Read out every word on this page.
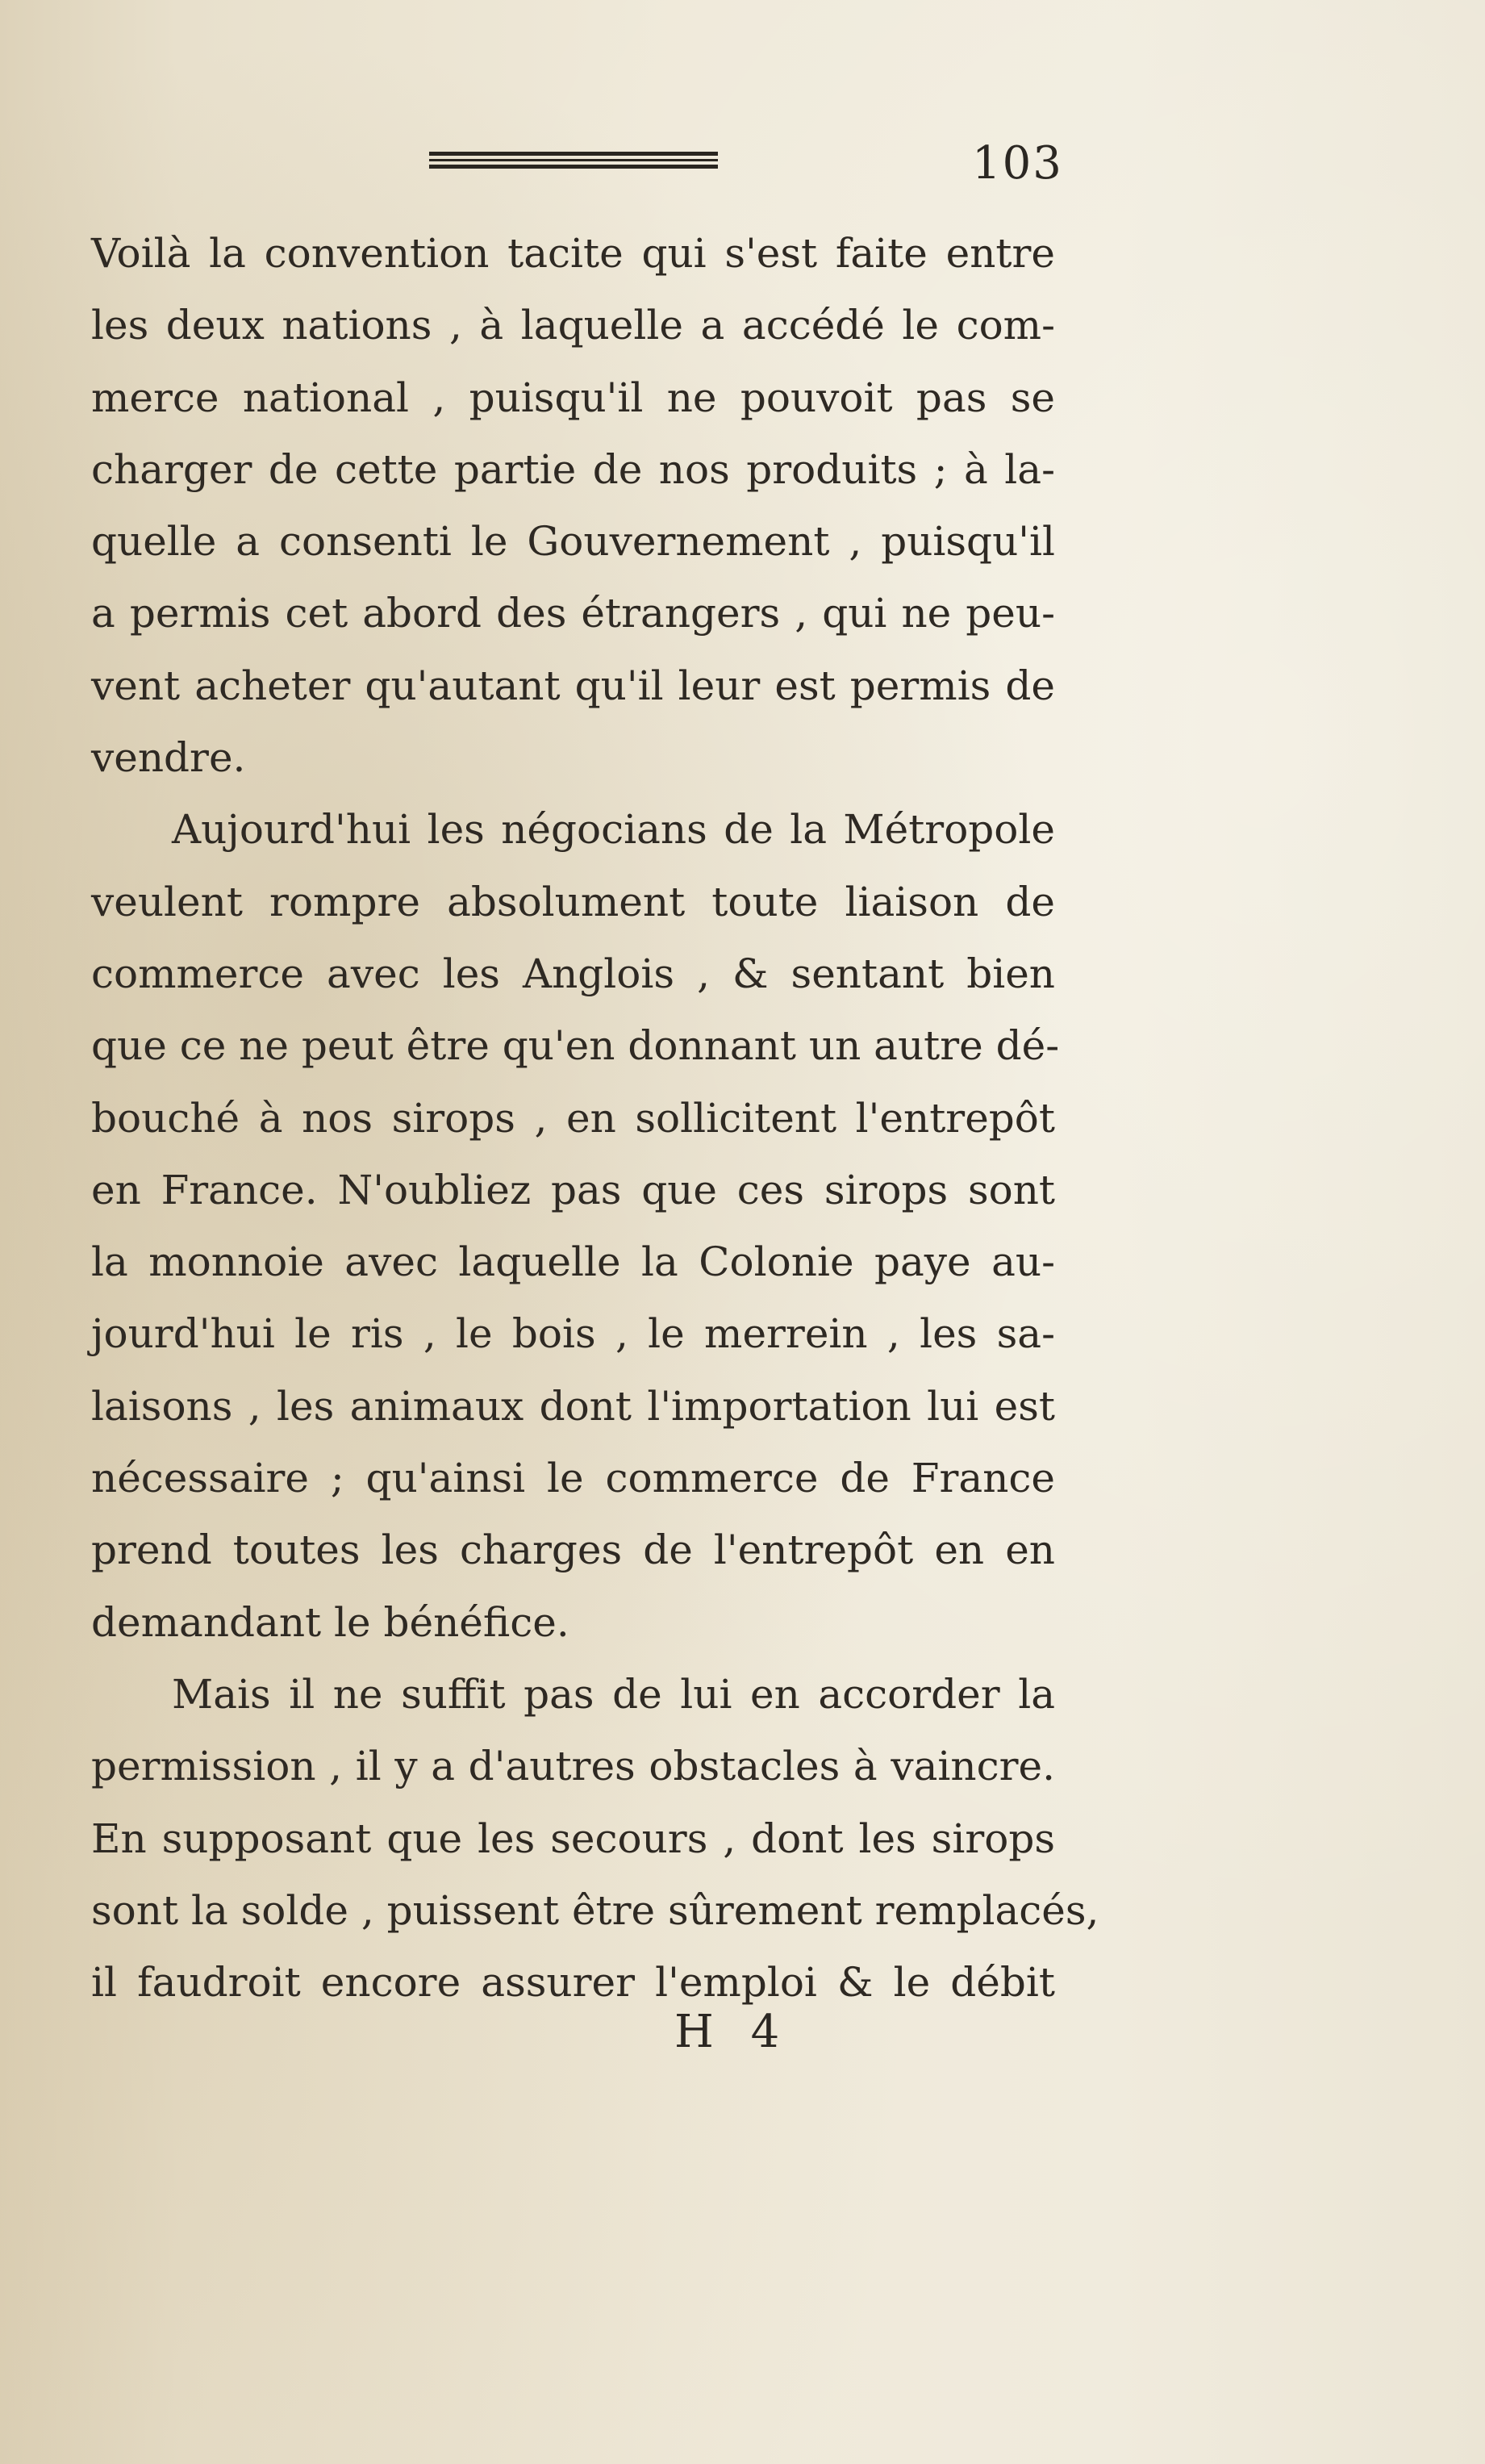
103
Voilà la convention tacite qui s'est faite entre
les deux nations , à laquelle a accédé le com-
merce national , puisqu'il ne pouvoit pas se
charger de cette partie de nos produits ; à la-
quelle a consenti le Gouvernement , puisqu'il
a permis cet abord des étrangers , qui ne peu-
vent acheter qu'autant qu'il leur est permis de
vendre.
Aujourd'hui les négocians de la Métropole
veulent rompre absolument toute liaison de
commerce avec les Anglois , & sentant bien
que ce ne peut être qu'en donnant un autre dé-
bouché à nos sirops , en sollicitent l'entrepôt
en France. N'oubliez pas que ces sirops sont
la monnoie avec laquelle la Colonie paye au-
jourd'hui le ris , le bois , le merrein , les sa-
laisons , les animaux dont l'importation lui est
nécessaire ; qu'ainsi le commerce de France
prend toutes les charges de l'entrepôt en en
demandant le bénéfice.
Mais il ne suffit pas de lui en accorder la
permission , il y a d'autres obstacles à vaincre.
En supposant que les secours , dont les sirops
sont la solde , puissent être sûrement remplacés,
il faudroit encore assurer l'emploi & le débit
H 4
